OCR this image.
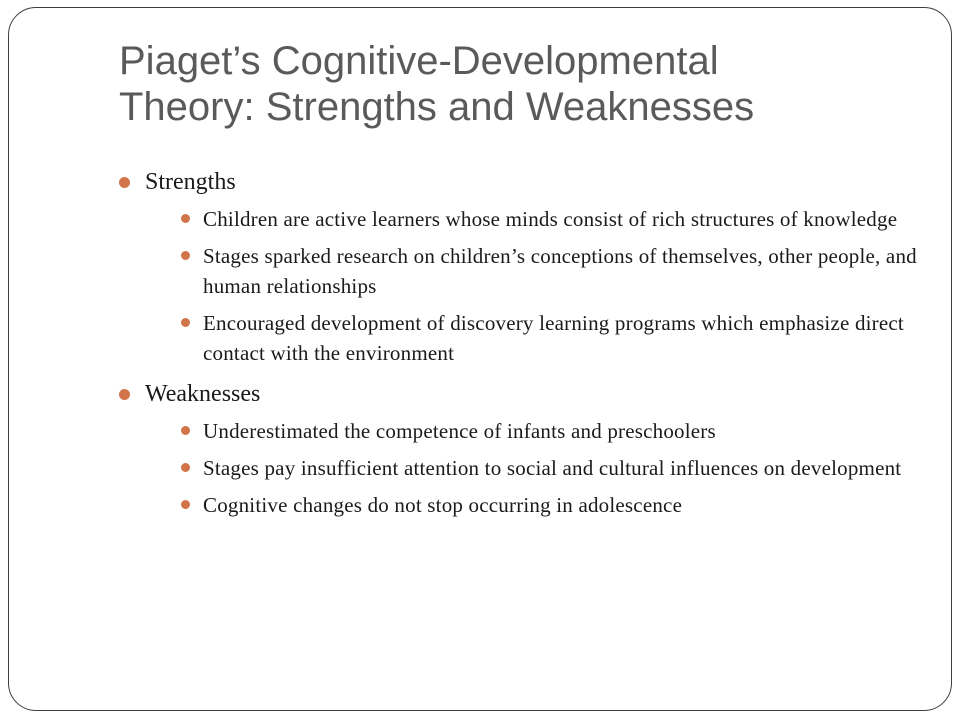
Piaget’s Cognitive-Developmental
Theory: Strengths and Weaknesses
Strengths
Children are active learners whose minds consist of rich structures of knowledge
Stages sparked research on children’s conceptions of themselves, other people, and human relationships
Encouraged development of discovery learning programs which emphasize direct contact with the environment
Weaknesses
Underestimated the competence of infants and preschoolers
Stages pay insufficient attention to social and cultural influences on development
Cognitive changes do not stop occurring in adolescence
